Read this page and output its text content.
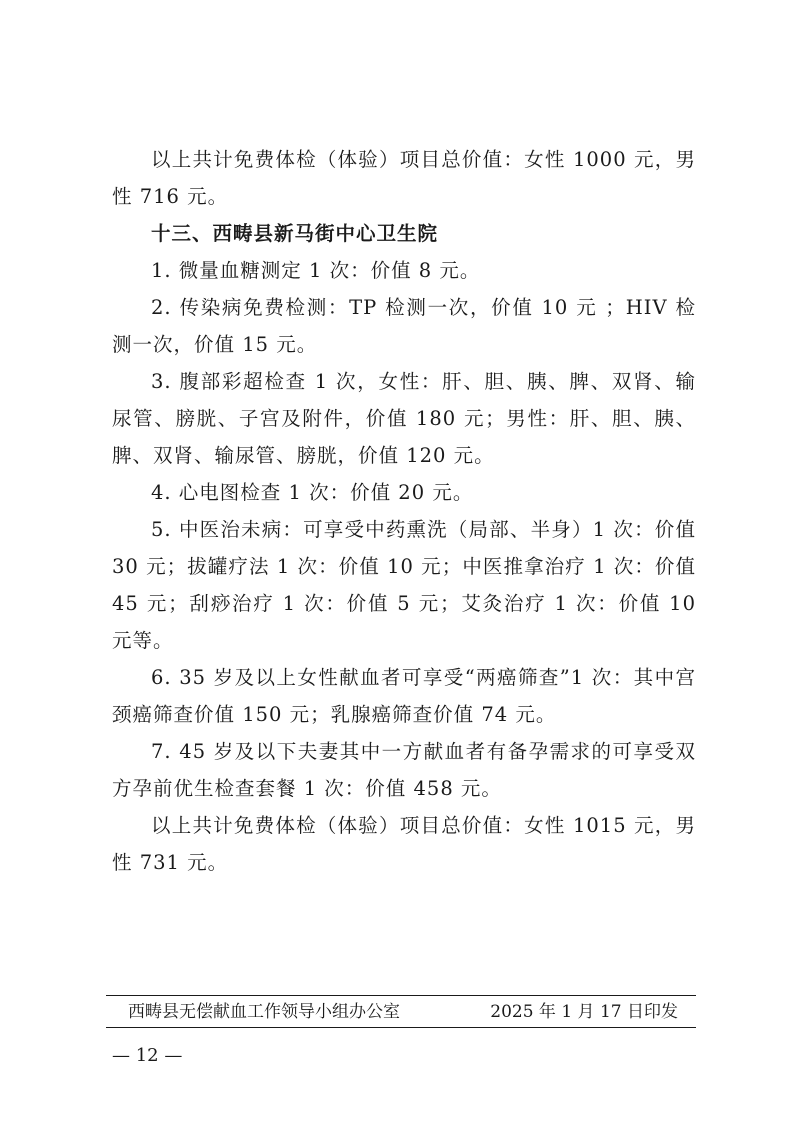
以上共计免费体检（体验）项目总价值：女性 1000 元，男性 716 元。

十三、西畴县新马街中心卫生院

1. 微量血糖测定 1 次：价值 8 元。

2. 传染病免费检测：TP 检测一次，价值 10 元 ；HIV 检测一次，价值 15 元。

3. 腹部彩超检查 1 次，女性：肝、胆、胰、脾、双肾、输尿管、膀胱、子宫及附件，价值 180 元；男性：肝、胆、胰、脾、双肾、输尿管、膀胱，价值 120 元。

4. 心电图检查 1 次：价值 20 元。

5. 中医治未病：可享受中药熏洗（局部、半身）1 次：价值 30 元；拔罐疗法 1 次：价值 10 元；中医推拿治疗 1 次：价值 45 元；刮痧治疗 1 次：价值 5 元；艾灸治疗 1 次：价值 10 元等。

6. 35 岁及以上女性献血者可享受“两癌筛查”1 次：其中宫颈癌筛查价值 150 元；乳腺癌筛查价值 74 元。

7. 45 岁及以下夫妻其中一方献血者有备孕需求的可享受双方孕前优生检查套餐 1 次：价值 458 元。

以上共计免费体检（体验）项目总价值：女性 1015 元，男性 731 元。

西畴县无偿献血工作领导小组办公室	2025 年 1 月 17 日印发
— 12 —
